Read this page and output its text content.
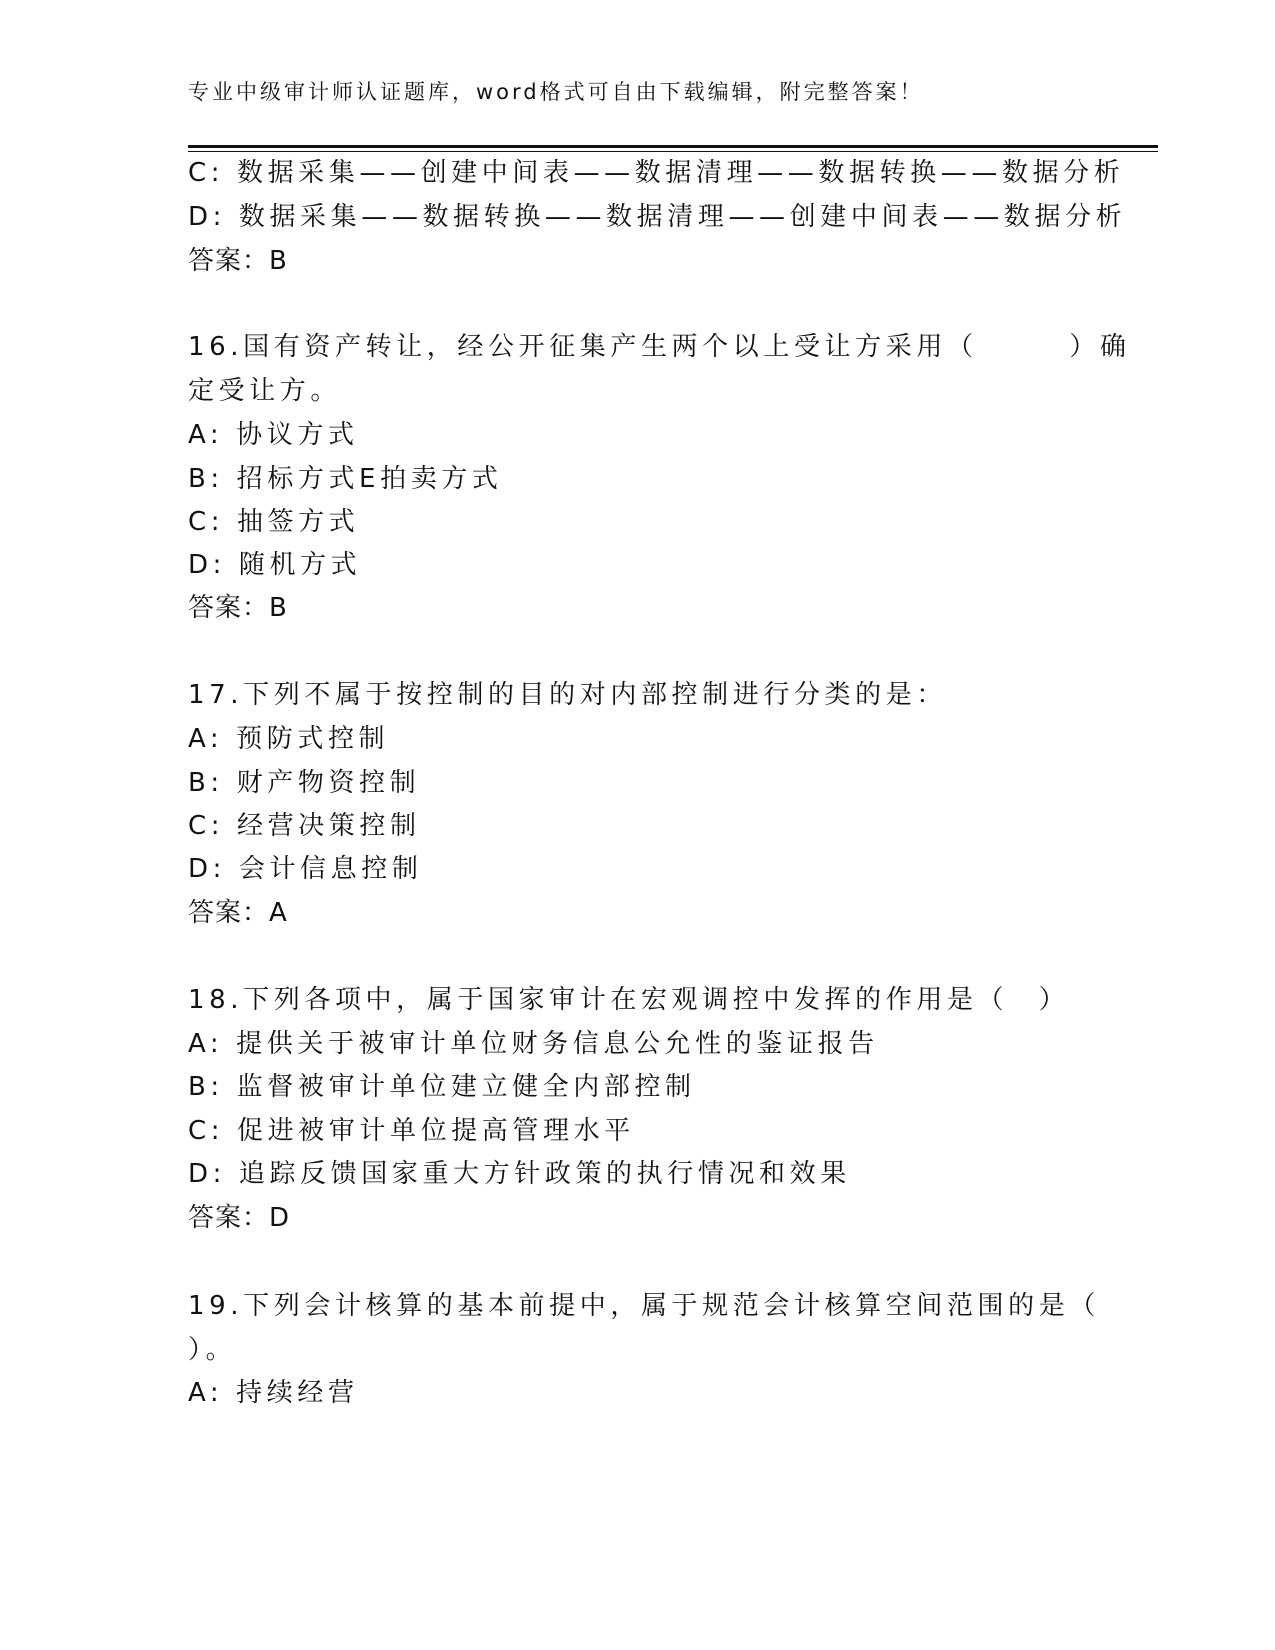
专业中级审计师认证题库，word格式可自由下载编辑，附完整答案！
C: 数据采集——创建中间表——数据清理——数据转换——数据分析
D: 数据采集——数据转换——数据清理——创建中间表——数据分析
答案：B
16.国有资产转让，经公开征集产生两个以上受让方采用（　　　）确
定受让方。
A: 协议方式
B: 招标方式E拍卖方式
C: 抽签方式
D: 随机方式
答案：B
17.下列不属于按控制的目的对内部控制进行分类的是：
A: 预防式控制
B: 财产物资控制
C: 经营决策控制
D: 会计信息控制
答案：A
18.下列各项中，属于国家审计在宏观调控中发挥的作用是（　）
A: 提供关于被审计单位财务信息公允性的鉴证报告
B: 监督被审计单位建立健全内部控制
C: 促进被审计单位提高管理水平
D: 追踪反馈国家重大方针政策的执行情况和效果
答案：D
19.下列会计核算的基本前提中，属于规范会计核算空间范围的是（
）。
A: 持续经营
